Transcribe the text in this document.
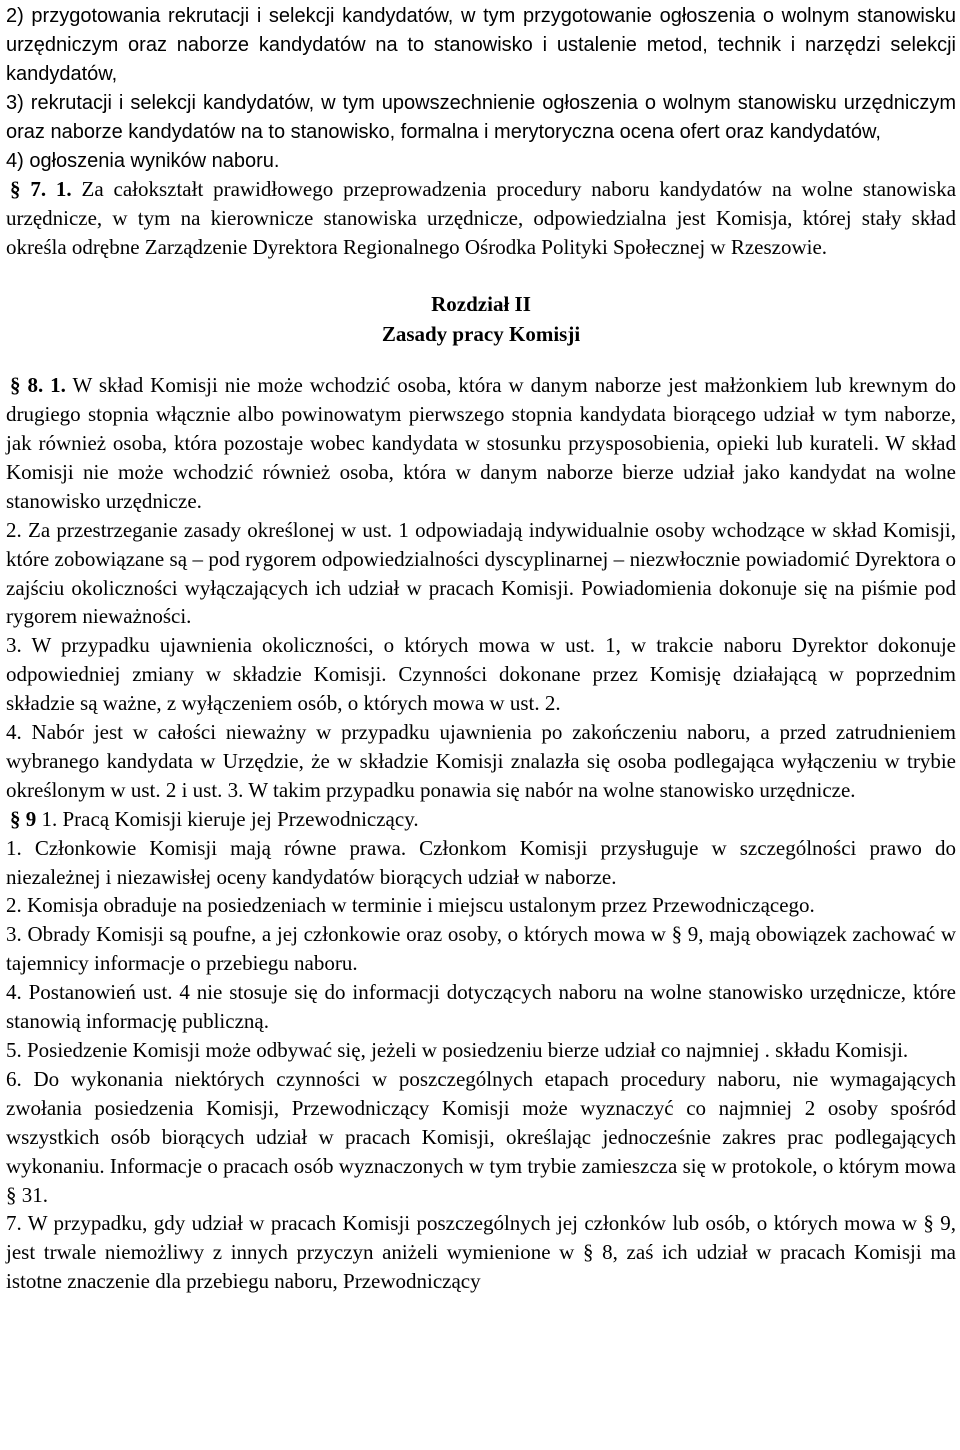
2) przygotowania rekrutacji i selekcji kandydatów, w tym przygotowanie ogłoszenia o wolnym stanowisku urzędniczym oraz naborze kandydatów na to stanowisko i ustalenie metod, technik i narzędzi selekcji kandydatów,

3) rekrutacji i selekcji kandydatów, w tym upowszechnienie ogłoszenia o wolnym stanowisku urzędniczym oraz naborze kandydatów na to stanowisko, formalna i merytoryczna ocena ofert oraz kandydatów,

4) ogłoszenia wyników naboru.

§ 7. 1. Za całokształt prawidłowego przeprowadzenia procedury naboru kandydatów na wolne stanowiska urzędnicze, w tym na kierownicze stanowiska urzędnicze, odpowiedzialna jest Komisja, której stały skład określa odrębne Zarządzenie Dyrektora Regionalnego Ośrodka Polityki Społecznej w Rzeszowie.

Rozdział II

Zasady pracy Komisji

§ 8. 1. W skład Komisji nie może wchodzić osoba, która w danym naborze jest małżonkiem lub krewnym do drugiego stopnia włącznie albo powinowatym pierwszego stopnia kandydata biorącego udział w tym naborze, jak również osoba, która pozostaje wobec kandydata w stosunku przysposobienia, opieki lub kurateli. W skład Komisji nie może wchodzić również osoba, która w danym naborze bierze udział jako kandydat na wolne stanowisko urzędnicze.

2. Za przestrzeganie zasady określonej w ust. 1 odpowiadają indywidualnie osoby wchodzące w skład Komisji, które zobowiązane są – pod rygorem odpowiedzialności dyscyplinarnej – niezwłocznie powiadomić Dyrektora o zajściu okoliczności wyłączających ich udział w pracach Komisji. Powiadomienia dokonuje się na piśmie pod rygorem nieważności.

3. W przypadku ujawnienia okoliczności, o których mowa w ust. 1, w trakcie naboru Dyrektor dokonuje odpowiedniej zmiany w składzie Komisji. Czynności dokonane przez Komisję działającą w poprzednim składzie są ważne, z wyłączeniem osób, o których mowa w ust. 2.

4. Nabór jest w całości nieważny w przypadku ujawnienia po zakończeniu naboru, a przed zatrudnieniem wybranego kandydata w Urzędzie, że w składzie Komisji znalazła się osoba podlegająca wyłączeniu w trybie określonym w ust. 2 i ust. 3. W takim przypadku ponawia się nabór na wolne stanowisko urzędnicze.

§ 9 1. Pracą Komisji kieruje jej Przewodniczący.

1. Członkowie Komisji mają równe prawa. Członkom Komisji przysługuje w szczególności prawo do niezależnej i niezawisłej oceny kandydatów biorących udział w naborze.

2. Komisja obraduje na posiedzeniach w terminie i miejscu ustalonym przez Przewodniczącego.

3. Obrady Komisji są poufne, a jej członkowie oraz osoby, o których mowa w § 9, mają obowiązek zachować w tajemnicy informacje o przebiegu naboru.

4. Postanowień ust. 4 nie stosuje się do informacji dotyczących naboru na wolne stanowisko urzędnicze, które stanowią informację publiczną.

5. Posiedzenie Komisji może odbywać się, jeżeli w posiedzeniu bierze udział co najmniej . składu Komisji.

6. Do wykonania niektórych czynności w poszczególnych etapach procedury naboru, nie wymagających zwołania posiedzenia Komisji, Przewodniczący Komisji może wyznaczyć co najmniej 2 osoby spośród wszystkich osób biorących udział w pracach Komisji, określając jednocześnie zakres prac podlegających wykonaniu. Informacje o pracach osób wyznaczonych w tym trybie zamieszcza się w protokole, o którym mowa § 31.

7. W przypadku, gdy udział w pracach Komisji poszczególnych jej członków lub osób, o których mowa w § 9, jest trwale niemożliwy z innych przyczyn aniżeli wymienione w § 8, zaś ich udział w pracach Komisji ma istotne znaczenie dla przebiegu naboru, Przewodniczący
